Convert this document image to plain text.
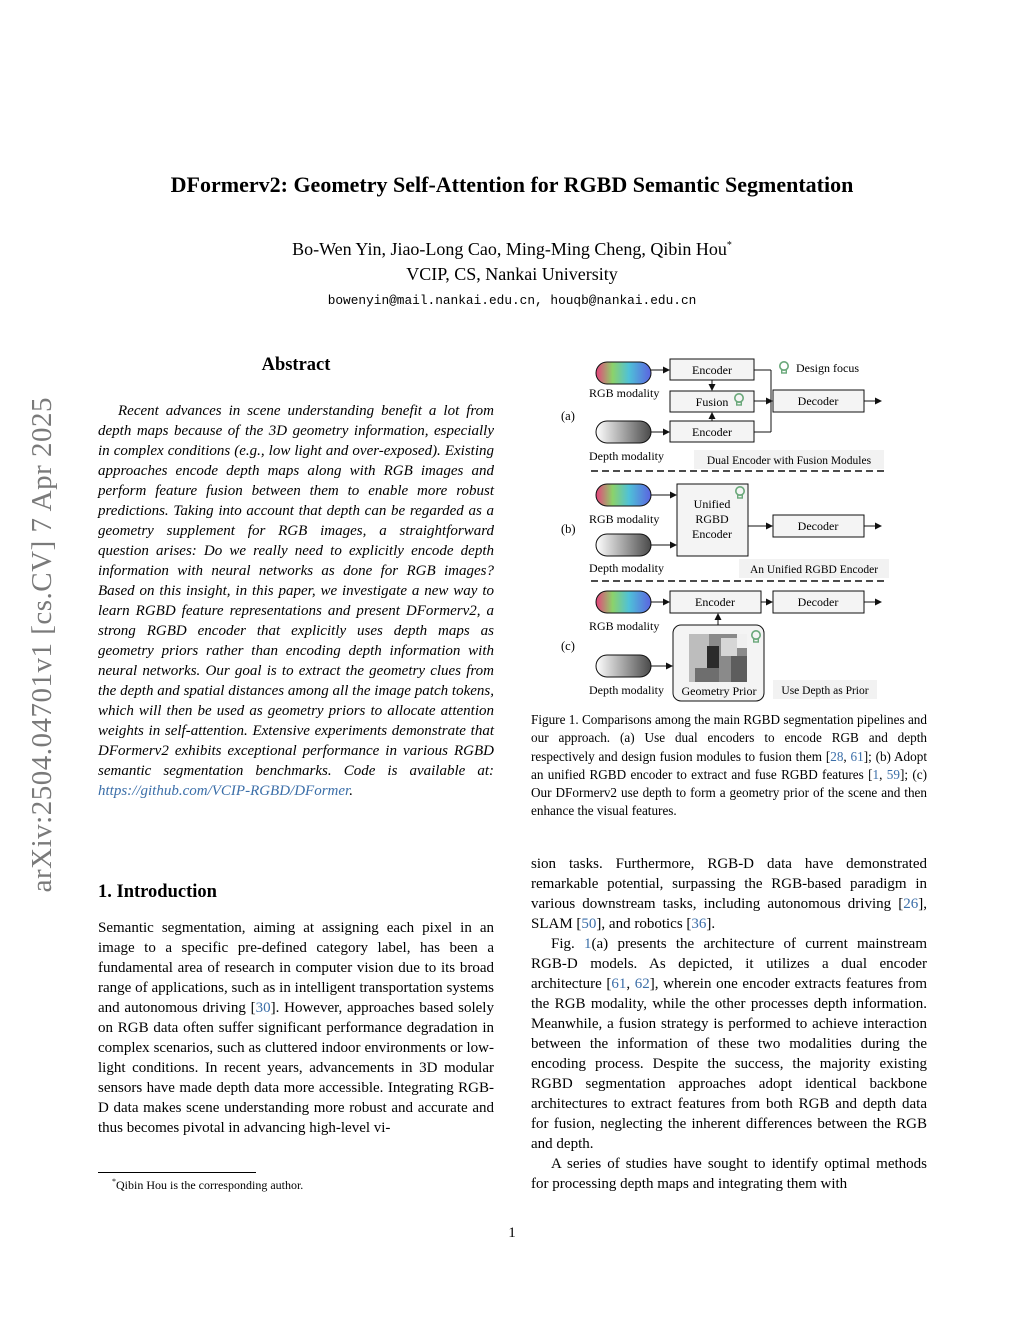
arXiv:2504.04701v1 [cs.CV] 7 Apr 2025
DFormerv2: Geometry Self-Attention for RGBD Semantic Segmentation
Bo-Wen Yin, Jiao-Long Cao, Ming-Ming Cheng, Qibin Hou*
VCIP, CS, Nankai University
bowenyin@mail.nankai.edu.cn, houqb@nankai.edu.cn
Abstract

Recent advances in scene understanding benefit a lot from depth maps because of the 3D geometry information, especially in complex conditions (e.g., low light and over-exposed). Existing approaches encode depth maps along with RGB images and perform feature fusion between them to enable more robust predictions. Taking into account that depth can be regarded as a geometry supplement for RGB images, a straightforward question arises: Do we really need to explicitly encode depth information with neural networks as done for RGB images? Based on this insight, in this paper, we investigate a new way to learn RGBD feature representations and present DFormerv2, a strong RGBD encoder that explicitly uses depth maps as geometry priors rather than encoding depth information with neural networks. Our goal is to extract the geometry clues from the depth and spatial distances among all the image patch tokens, which will then be used as geometry priors to allocate attention weights in self-attention. Extensive experiments demonstrate that DFormerv2 exhibits exceptional performance in various RGBD semantic segmentation benchmarks. Code is available at: https://github.com/VCIP-RGBD/DFormer.

(a)
RGB modality
Depth modality
Encoder
Fusion
Encoder
Design focus
Decoder
Dual Encoder with Fusion Modules
(b)
RGB modality
Depth modality
Unified
RGBD
Encoder
Decoder
An Unified RGBD Encoder
(c)
RGB modality
Depth modality
Encoder	Decoder
Geometry Prior Use Depth as Prior

Figure 1. Comparisons among the main RGBD segmentation pipelines and our approach. (a) Use dual encoders to encode RGB and depth respectively and design fusion modules to fusion them [28, 61]; (b) Adopt an unified RGBD encoder to extract and fuse RGBD features [1, 59]; (c) Our DFormerv2 use depth to form a geometry prior of the scene and then enhance the visual features.

1. Introduction

Semantic segmentation, aiming at assigning each pixel in an image to a specific pre-defined category label, has been a fundamental area of research in computer vision due to its broad range of applications, such as in intelligent transportation systems and autonomous driving [30]. However, approaches based solely on RGB data often suffer significant performance degradation in complex scenarios, such as cluttered indoor environments or low-light conditions. In recent years, advancements in 3D modular sensors have made depth data more accessible. Integrating RGB-D data makes scene understanding more robust and accurate and thus becomes pivotal in advancing high-level vi-

sion tasks. Furthermore, RGB-D data have demonstrated remarkable potential, surpassing the RGB-based paradigm in various downstream tasks, including autonomous driving [26], SLAM [50], and robotics [36].

Fig. 1(a) presents the architecture of current mainstream RGB-D models. As depicted, it utilizes a dual encoder architecture [61, 62], wherein one encoder extracts features from the RGB modality, while the other processes depth information. Meanwhile, a fusion strategy is performed to achieve interaction between the information of these two modalities during the encoding process. Despite the success, the majority existing RGBD segmentation approaches adopt identical backbone architectures to extract features from both RGB and depth data for fusion, neglecting the inherent differences between the RGB and depth.

A series of studies have sought to identify optimal methods for processing depth maps and integrating them with

*Qibin Hou is the corresponding author.
1
